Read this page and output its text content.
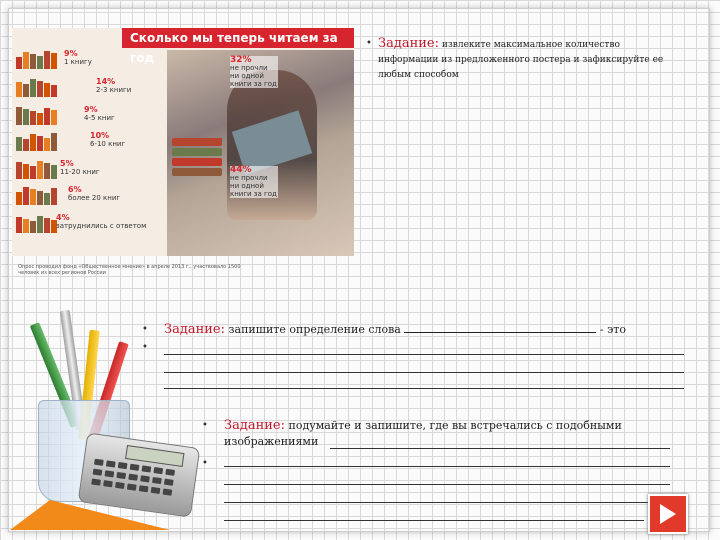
Сколько мы теперь читаем за год
9%
1 книгу
14%
2-3 книги
9%
4-5 книг
10%
6-10 книг
5%
11-20 книг
6%
более 20 книг
4%
затруднились с ответом
32%
не прочли ни одной книги за год
44%
не прочли ни одной книги за год
Опрос проводил фонд «Общественное мнение» в апреле 2013 г., участвовало 1500 человек из всех регионов России
• Задание: извлеките максимальное количество информации из предложенного постера и зафиксируйте ее любым способом
•
•
Задание: запишите определение слова	- это
•
•
Задание: подумайте и запишите, где вы встречались с подобными изображениями
